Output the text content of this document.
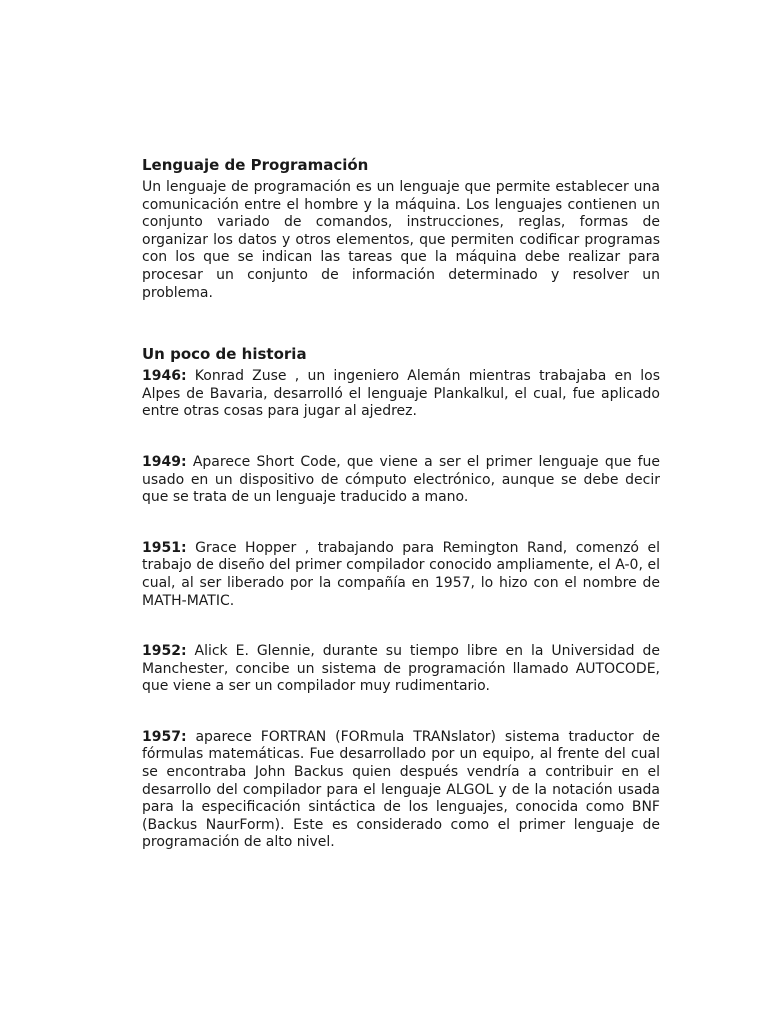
Lenguaje de Programación

Un lenguaje de programación es un lenguaje que permite establecer una comunicación entre el hombre y la máquina. Los lenguajes contienen un conjunto variado de comandos, instrucciones, reglas, formas de organizar los datos y otros elementos, que permiten codificar programas con los que se indican las tareas que la máquina debe realizar para procesar un conjunto de información determinado y resolver un problema.

Un poco de historia

1946: Konrad Zuse , un ingeniero Alemán mientras trabajaba en los Alpes de Bavaria, desarrolló el lenguaje Plankalkul, el cual, fue aplicado entre otras cosas para jugar al ajedrez.

1949: Aparece Short Code, que viene a ser el primer lenguaje que fue usado en un dispositivo de cómputo electrónico, aunque se debe decir que se trata de un lenguaje traducido a mano.

1951: Grace Hopper , trabajando para Remington Rand, comenzó el trabajo de diseño del primer compilador conocido ampliamente, el A-0, el cual, al ser liberado por la compañía en 1957, lo hizo con el nombre de MATH-MATIC.

1952: Alick E. Glennie, durante su tiempo libre en la Universidad de Manchester, concibe un sistema de programación llamado AUTOCODE, que viene a ser un compilador muy rudimentario.

1957: aparece FORTRAN (FORmula TRANslator) sistema traductor de fórmulas matemáticas. Fue desarrollado por un equipo, al frente del cual se encontraba John Backus quien después vendría a contribuir en el desarrollo del compilador para el lenguaje ALGOL y de la notación usada para la especificación sintáctica de los lenguajes, conocida como BNF (Backus NaurForm). Este es considerado como el primer lenguaje de programación de alto nivel.
